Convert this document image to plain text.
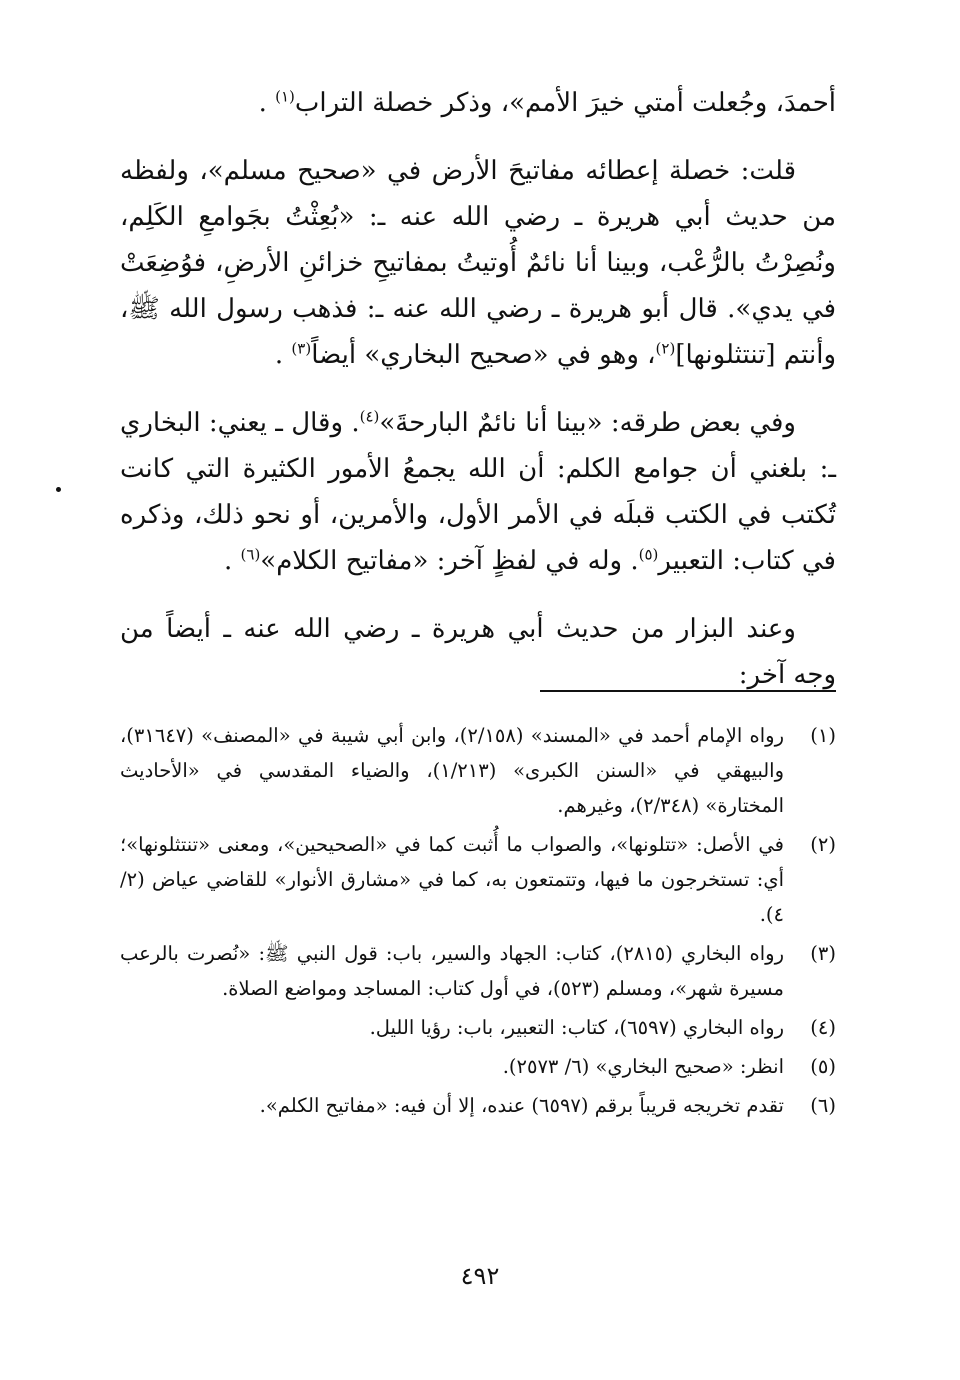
أحمدَ، وجُعلت أمتي خيرَ الأمم»، وذكر خصلة التراب$^{(١)}$ .

قلت: خصلة إعطائه مفاتيحَ الأرض في «صحيح مسلم»، ولفظه من حديث أبي هريرة ـ رضي الله عنه ـ: «بُعِثْتُ بجَوامعِ الكَلِم، ونُصِرْتُ بالرُّعْب، وبينا أنا نائمٌ أُوتيتُ بمفاتيحِ خزائنِ الأرضِ، فوُضِعَتْ في يدي». قال أبو هريرة ـ رضي الله عنه ـ: فذهب رسول الله ﷺ، وأنتم [تنتثلونها]$^{(٢)}$، وهو في «صحيح البخاري» أيضاً$^{(٣)}$ .

وفي بعض طرقه: «بينا أنا نائمٌ البارحةَ»$^{(٤)}$. وقال ـ يعني: البخاري ـ: بلغني أن جوامع الكلم: أن الله يجمعُ الأمور الكثيرة التي كانت تُكتب في الكتب قبلَه في الأمر الأول، والأمرين، أو نحو ذلك، وذكره في كتاب: التعبير$^{(٥)}$. وله في لفظٍ آخر: «مفاتيح الكلام»$^{(٦)}$ .

وعند البزار من حديث أبي هريرة ـ رضي الله عنه ـ أيضاً من وجه آخر:

(١)
رواه الإمام أحمد في «المسند» (٢/١٥٨)، وابن أبي شيبة في «المصنف» (٣١٦٤٧)، والبيهقي في «السنن الكبرى» (١/٢١٣)، والضياء المقدسي في «الأحاديث المختارة» (٢/٣٤٨)، وغيرهم.
(٢)
في الأصل: «تتلونها»، والصواب ما أُثبت كما في «الصحيحين»، ومعنى «تنتثلونها»؛ أي: تستخرجون ما فيها، وتتمتعون به، كما في «مشارق الأنوار» للقاضي عياض (٢/ ٤).
(٣)
رواه البخاري (٢٨١٥)، كتاب: الجهاد والسير، باب: قول النبي ﷺ: «نُصرت بالرعب مسيرة شهر»، ومسلم (٥٢٣)، في أول كتاب: المساجد ومواضع الصلاة.
(٤)
رواه البخاري (٦٥٩٧)، كتاب: التعبير، باب: رؤيا الليل.
(٥)
انظر: «صحيح البخاري» (٦/ ٢٥٧٣).
(٦)
تقدم تخريجه قريباً برقم (٦٥٩٧) عنده، إلا أن فيه: «مفاتيح الكلم».
٤٩٢
